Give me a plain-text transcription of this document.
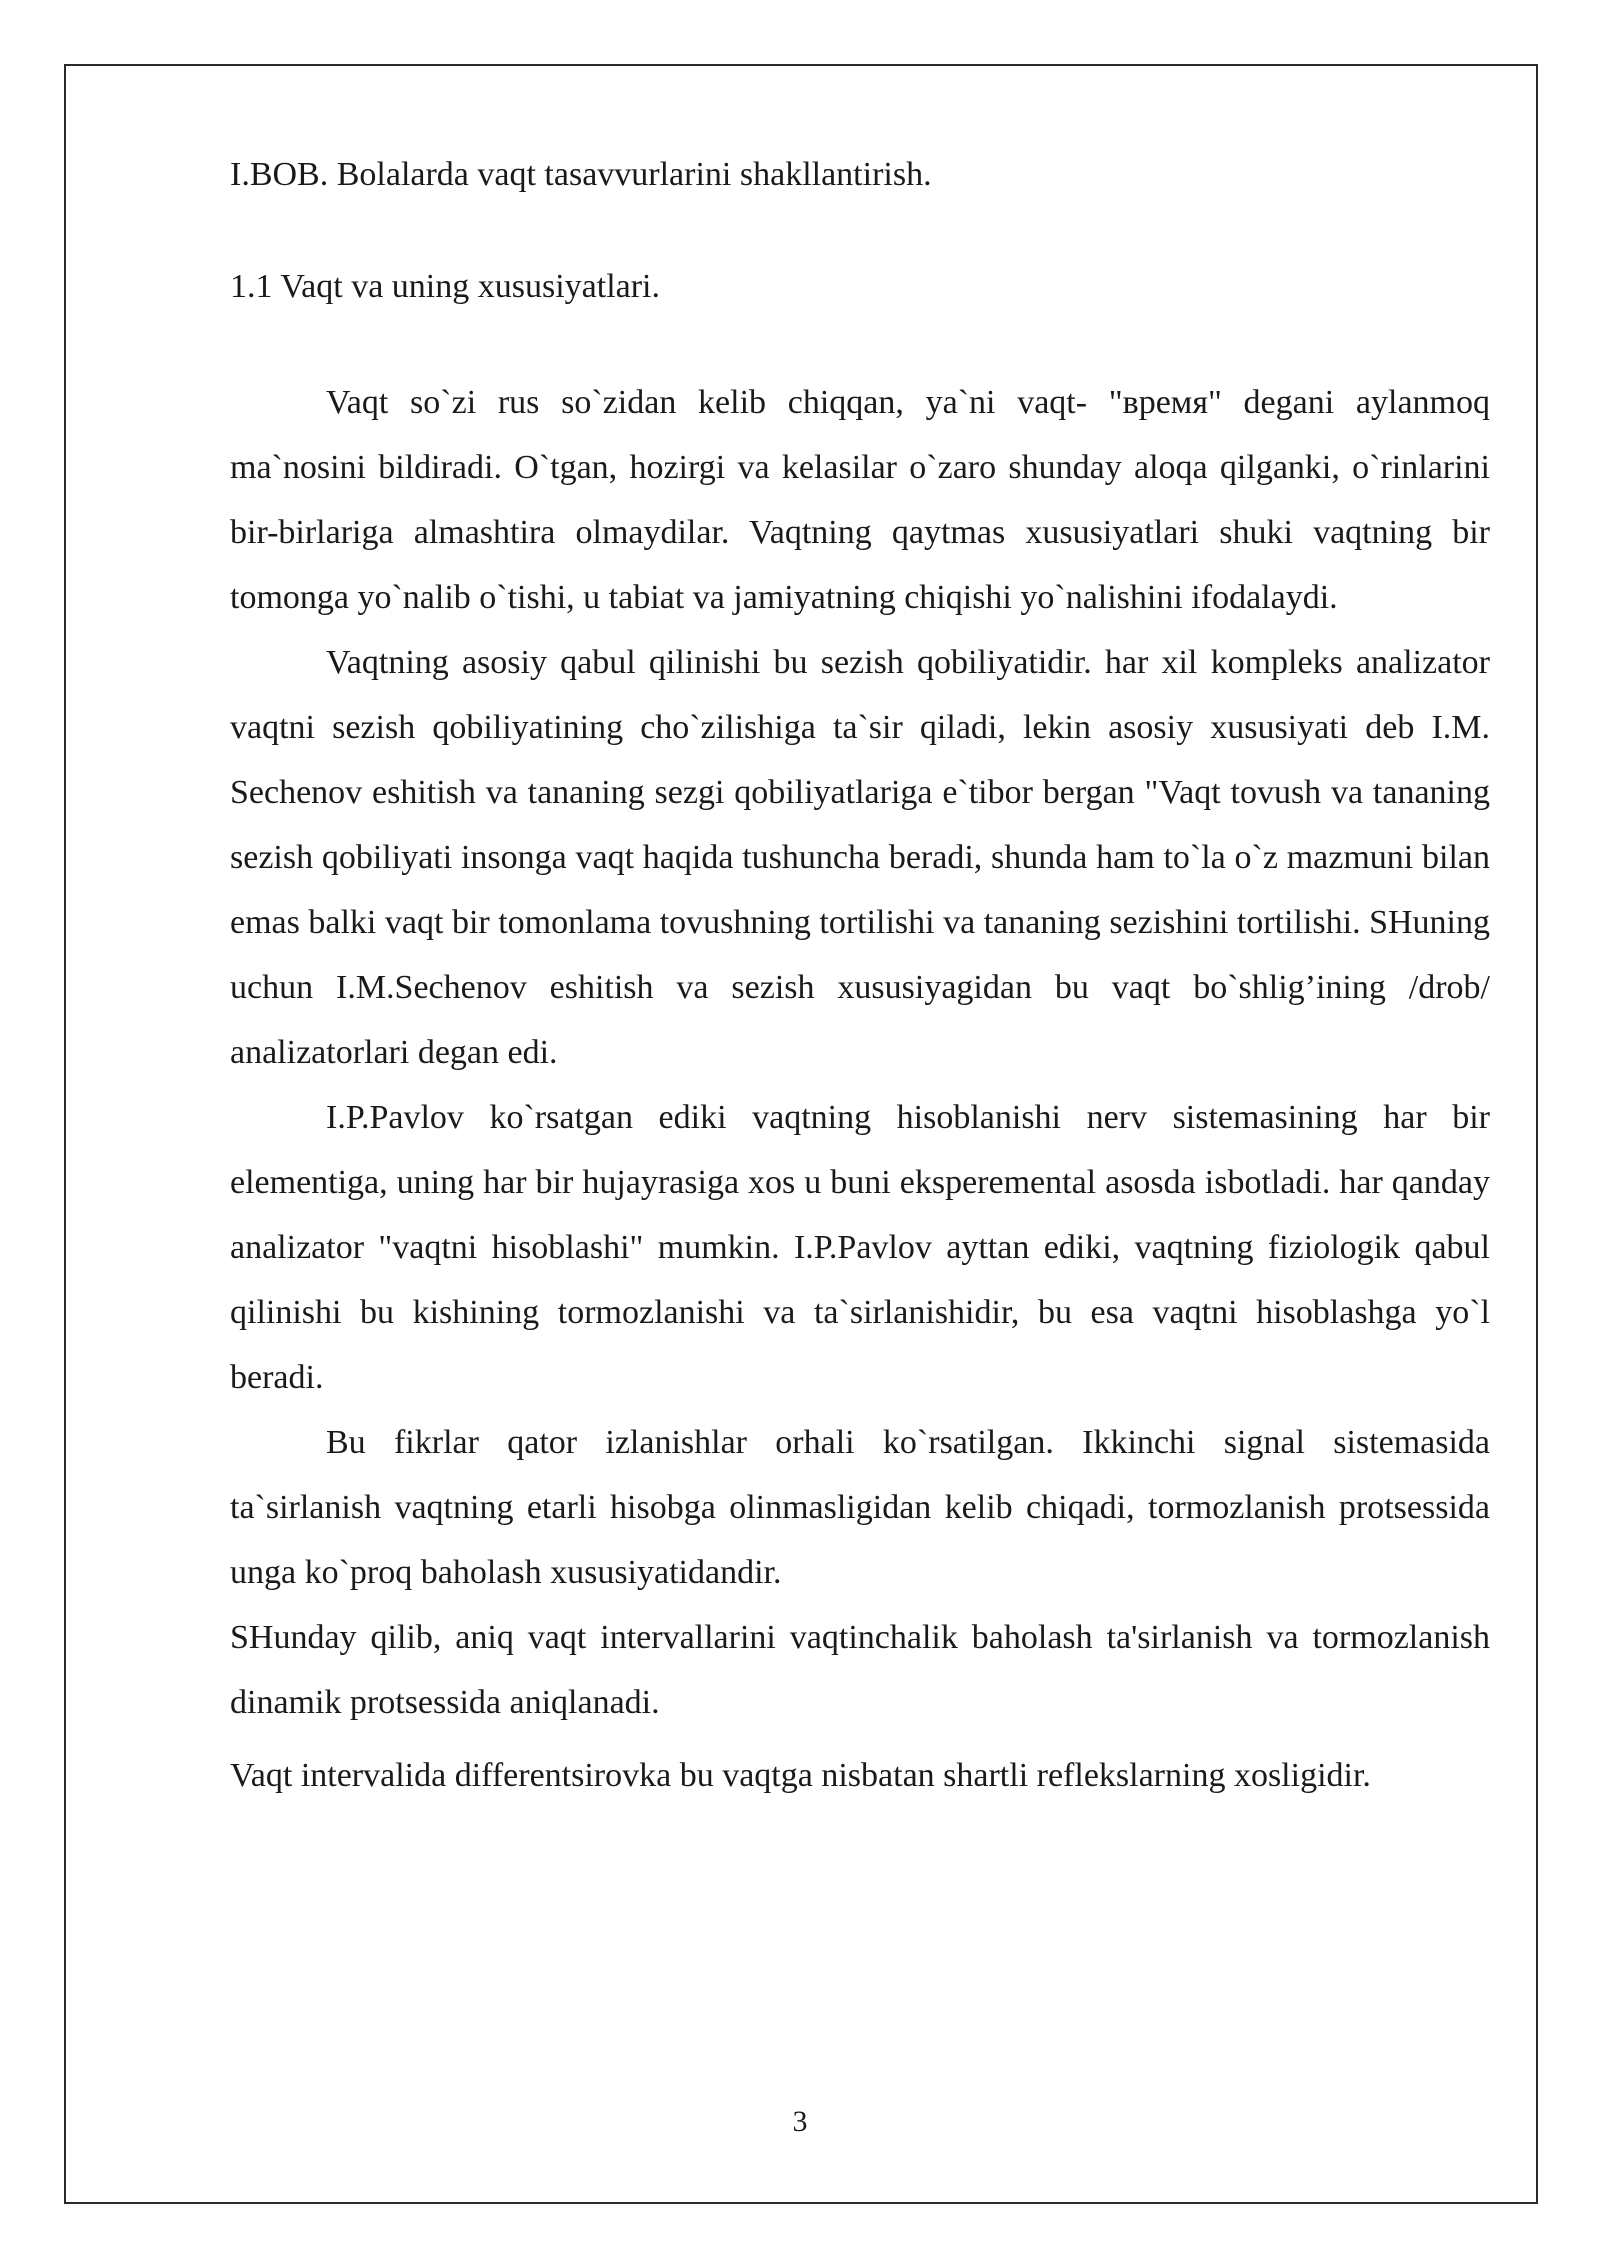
I.BOB. Bolalarda vaqt tasavvurlarini shakllantirish.
1.1 Vaqt va uning xususiyatlari.

Vaqt so`zi rus so`zidan kelib chiqqan, ya`ni vaqt- "время" degani aylanmoq ma`nosini bildiradi. O`tgan, hozirgi va kelasilar o`zaro shunday aloqa qilganki, o`rinlarini bir-birlariga almashtira olmaydilar. Vaqtning qaytmas xususiyatlari shuki vaqtning bir tomonga yo`nalib o`tishi, u tabiat va jamiyatning chiqishi yo`nalishini ifodalaydi.

Vaqtning asosiy qabul qilinishi bu sezish qobiliyatidir. har xil kompleks analizator vaqtni sezish qobiliyatining cho`zilishiga ta`sir qiladi, lekin asosiy xususiyati deb I.M. Sechenov eshitish va tananing sezgi qobiliyatlariga e`tibor bergan "Vaqt tovush va tananing sezish qobiliyati insonga vaqt haqida tushuncha beradi, shunda ham to`la o`z mazmuni bilan emas balki vaqt bir tomonlama tovushning tortilishi va tananing sezishini tortilishi. SHuning uchun I.M.Sechenov eshitish va sezish xususiyagidan bu vaqt bo`shlig’ining /drob/ analizatorlari degan edi.

I.P.Pavlov ko`rsatgan ediki vaqtning hisoblanishi nerv sistemasining har bir elementiga, uning har bir hujayrasiga xos u buni eksperemental asosda isbotladi. har qanday analizator "vaqtni hisoblashi" mumkin. I.P.Pavlov ayttan ediki, vaqtning fiziologik qabul qilinishi bu kishining tormozlanishi va ta`sirlanishidir, bu esa vaqtni hisoblashga yo`l beradi.

Bu fikrlar qator izlanishlar orhali ko`rsatilgan. Ikkinchi signal sistemasida ta`sirlanish vaqtning etarli hisobga olinmasligidan kelib chiqadi, tormozlanish protsessida unga ko`proq baholash xususiyatidandir.

SHunday qilib, aniq vaqt intervallarini vaqtinchalik baholash ta'sirlanish va tormozlanish dinamik protsessida aniqlanadi.

Vaqt intervalida differentsirovka bu vaqtga nisbatan shartli reflekslarning xosligidir.

3
